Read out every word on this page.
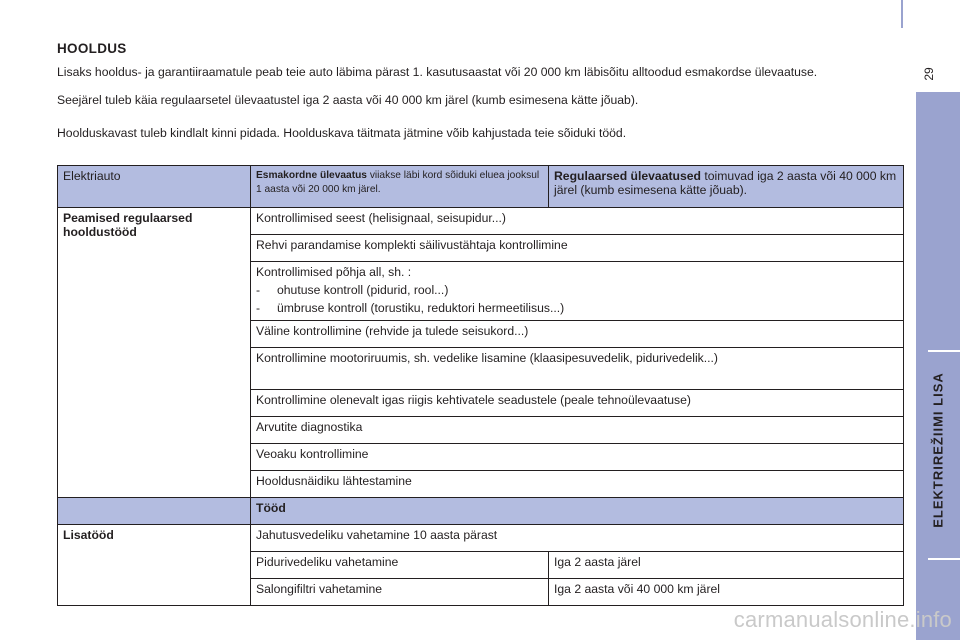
ELEKTRIREŽIIMI LISA
29
HOOLDUS

Lisaks hooldus- ja garantiiraamatule peab teie auto läbima pärast 1. kasutusaastat või 20 000 km läbisõitu alltoodud esmakordse ülevaatuse.

Seejärel tuleb käia regulaarsetel ülevaatustel iga 2 aasta või 40 000 km järel (kumb esimesena kätte jõuab).

Hoolduskavast tuleb kindlalt kinni pidada. Hoolduskava täitmata jätmine võib kahjustada teie sõiduki tööd.

Elektriauto	Esmakordne ülevaatus viiakse läbi kord sõiduki eluea jooksul 1 aasta või 20 000 km järel.	Regulaarsed ülevaatused toimuvad iga 2 aasta või 40 000 km järel (kumb esimesena kätte jõuab).
Peamised regulaarsed hooldustööd	Kontrollimised seest (helisignaal, seisupidur...)	
	Rehvi parandamise komplekti säilivustähtaja kontrollimine	

	Kontrollimised põhja all, sh. :
-     ohutuse kontroll (pidurid, rool...)
-     ümbruse kontroll (torustiku, reduktori hermeetilisus...)	

	Väline kontrollimine (rehvide ja tulede seisukord...)	
	Kontrollimine mootoriruumis, sh. vedelike lisamine (klaasipesuvedelik, pidurivedelik...)	
	Kontrollimine olenevalt igas riigis kehtivatele seadustele (peale tehnoülevaatuse)	
	Arvutite diagnostika	
	Veoaku kontrollimine	
	Hooldusnäidiku lähtestamine	
	Tööd	
Lisatööd	Jahutusvedeliku vahetamine 10 aasta pärast	
	Pidurivedeliku vahetamine	Iga 2 aasta järel
	Salongifiltri vahetamine	Iga 2 aasta või 40 000 km järel
carmanualsonline.info
